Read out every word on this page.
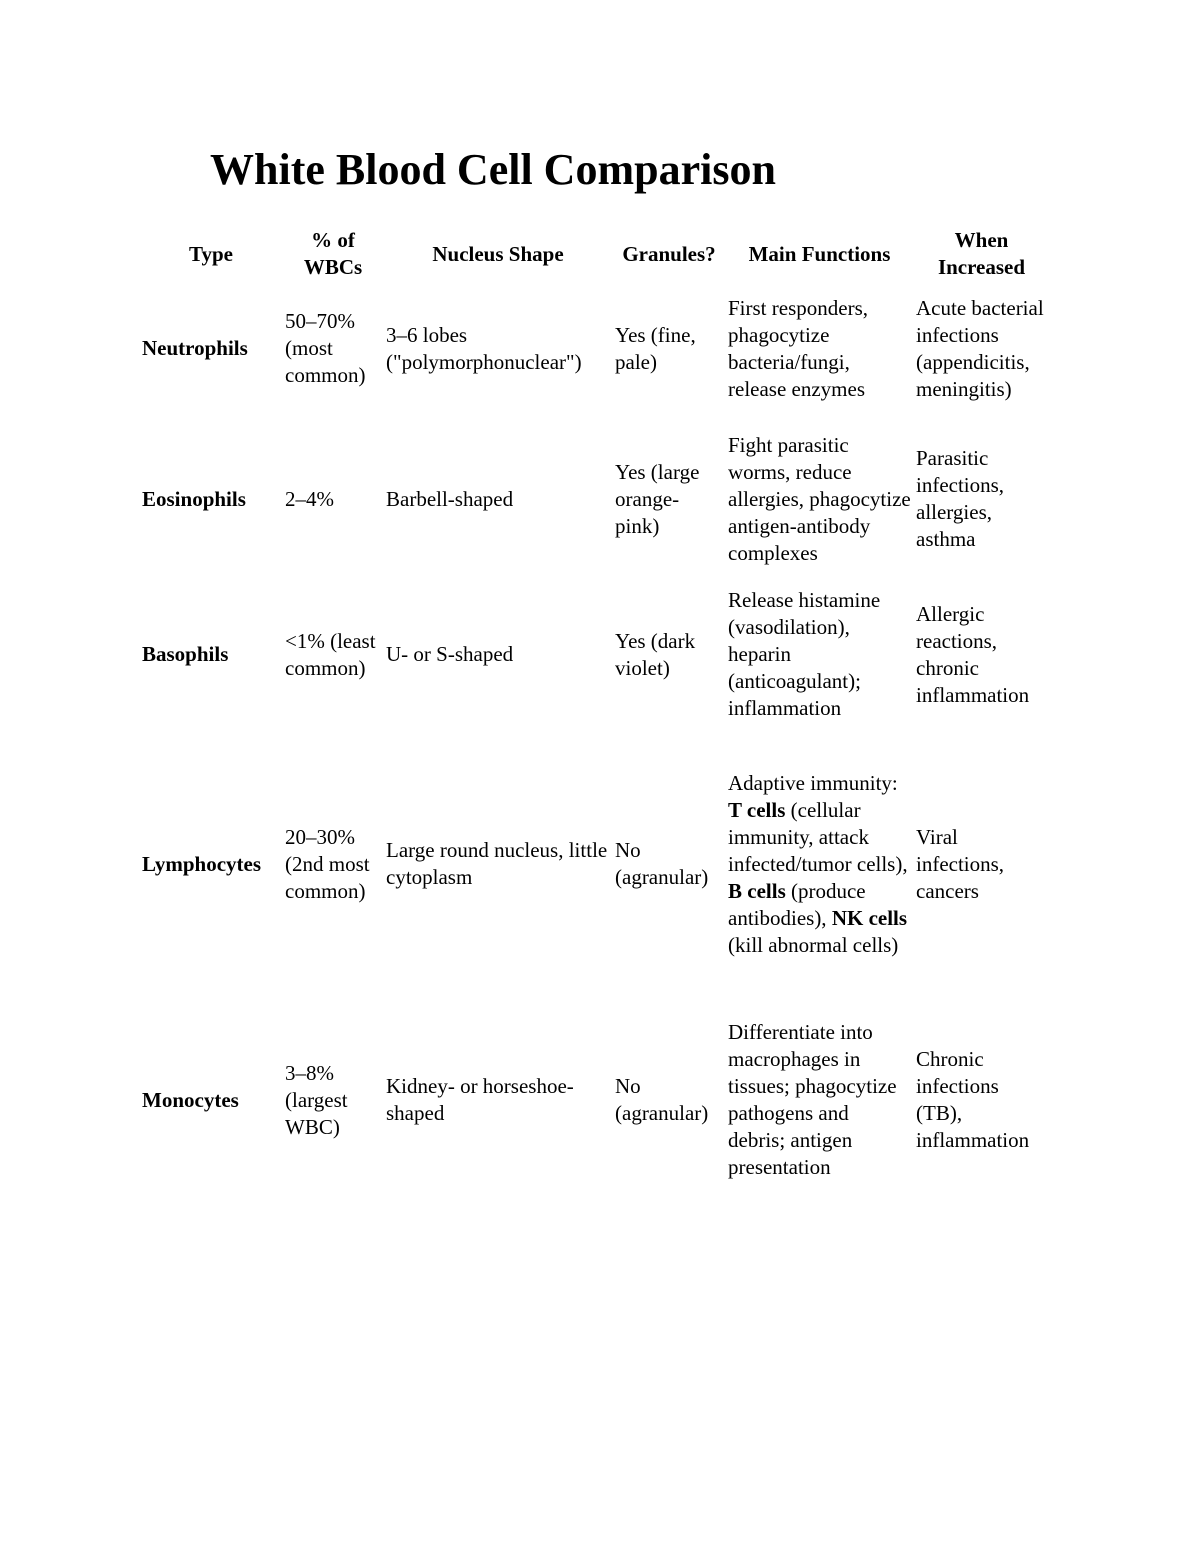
White Blood Cell Comparison
Type	% of WBCs	Nucleus Shape	Granules?	Main Functions	When Increased
Neutrophils	50–70% (most common)	3–6 lobes ("polymorphonuclear")	Yes (fine, pale)	First responders, phagocytize bacteria/fungi, release enzymes	Acute bacterial infections (appendicitis, meningitis)
Eosinophils	2–4%	Barbell-shaped	Yes (large orange-pink)	Fight parasitic worms, reduce allergies, phagocytize antigen-antibody complexes	Parasitic infections, allergies, asthma
Basophils	<1% (least common)	U- or S-shaped	Yes (dark violet)	Release histamine (vasodilation), heparin (anticoagulant); inflammation	Allergic reactions, chronic inflammation
Lymphocytes	20–30% (2nd most common)	Large round nucleus, little cytoplasm	No (agranular)	Adaptive immunity: T cells (cellular immunity, attack infected/tumor cells), B cells (produce antibodies), NK cells (kill abnormal cells)	Viral infections, cancers
Monocytes	3–8% (largest WBC)	Kidney- or horseshoe-shaped	No (agranular)	Differentiate into macrophages in tissues; phagocytize pathogens and debris; antigen presentation	Chronic infections (TB), inflammation
